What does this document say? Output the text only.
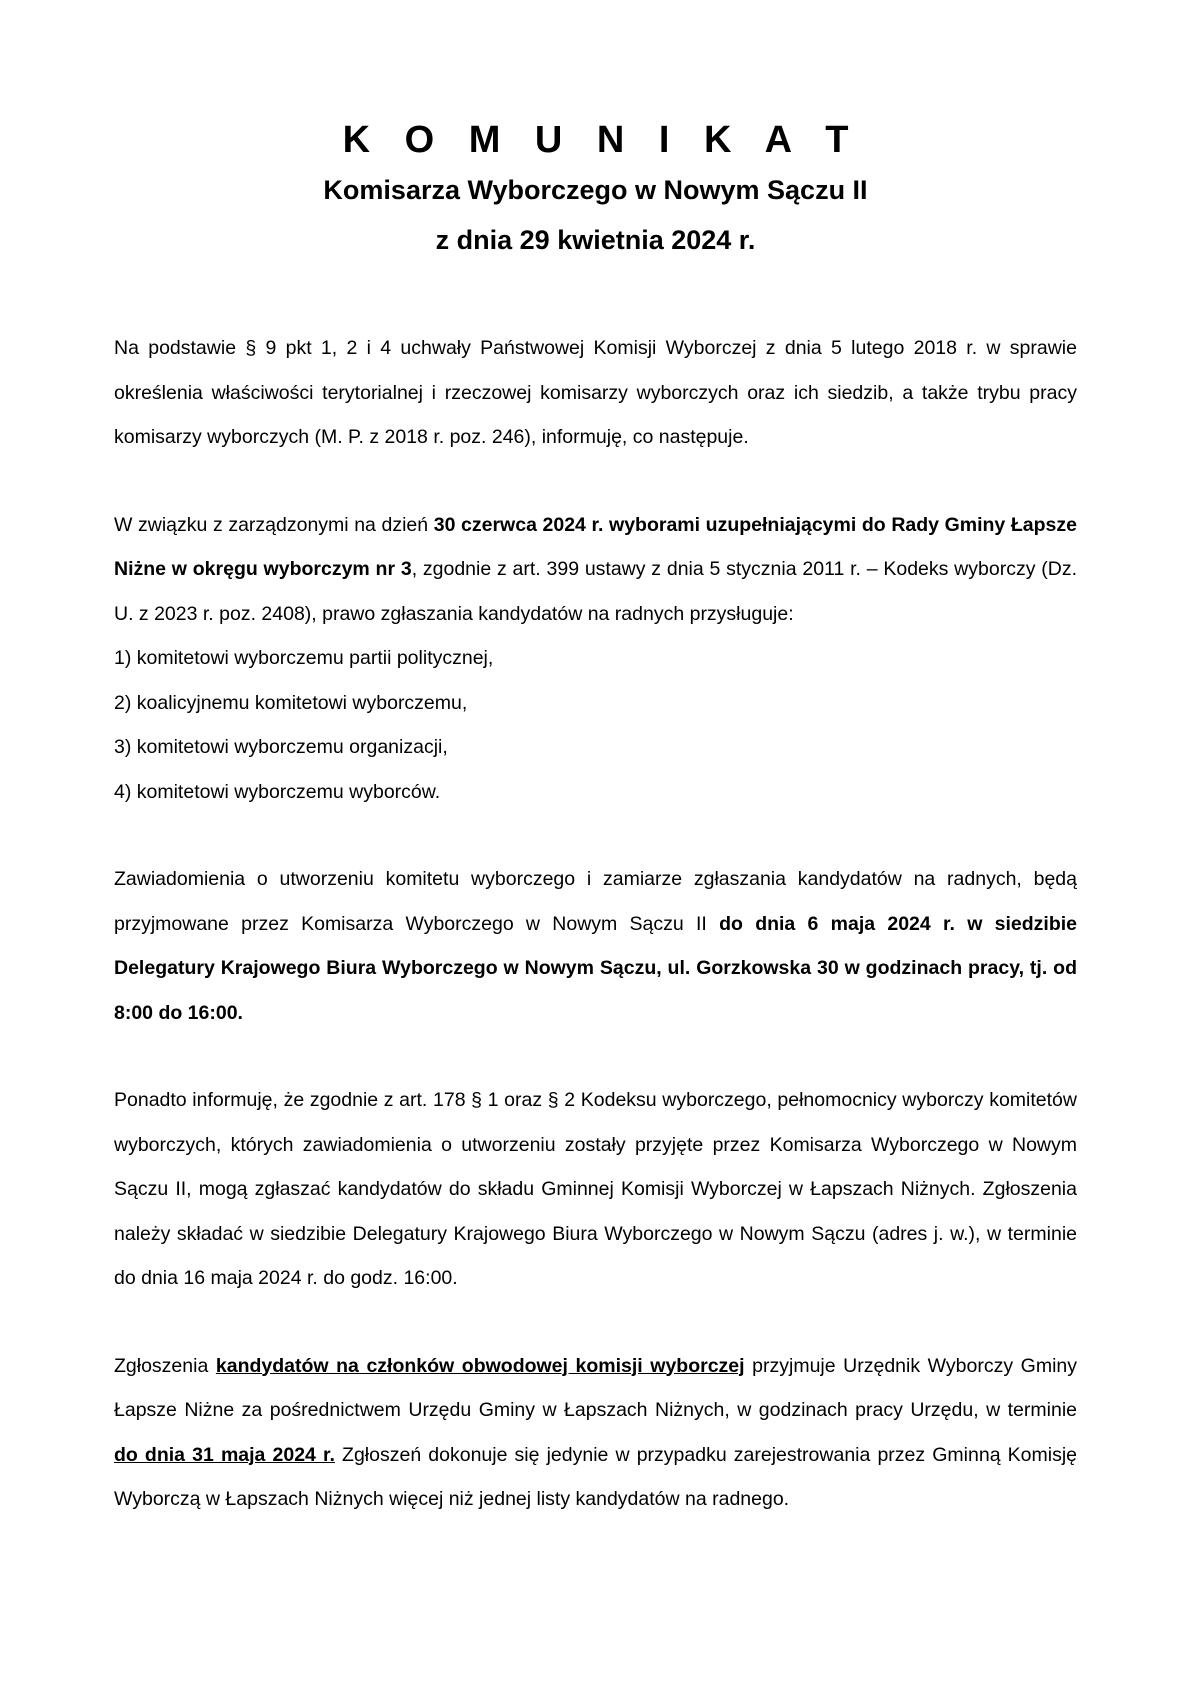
K O M U N I K A T

Komisarza Wyborczego w Nowym Sączu II

z dnia 29 kwietnia 2024 r.

Na podstawie § 9 pkt 1, 2 i 4 uchwały Państwowej Komisji Wyborczej z dnia 5 lutego 2018 r. w sprawie określenia właściwości terytorialnej i rzeczowej komisarzy wyborczych oraz ich siedzib, a także trybu pracy komisarzy wyborczych (M. P. z 2018 r. poz. 246), informuję, co następuje.

W związku z zarządzonymi na dzień 30 czerwca 2024 r. wyborami uzupełniającymi do Rady Gminy Łapsze Niżne w okręgu wyborczym nr 3, zgodnie z art. 399 ustawy z dnia 5 stycznia 2011 r. – Kodeks wyborczy (Dz. U. z 2023 r. poz. 2408), prawo zgłaszania kandydatów na radnych przysługuje:

1) komitetowi wyborczemu partii politycznej,

2) koalicyjnemu komitetowi wyborczemu,

3) komitetowi wyborczemu organizacji,

4) komitetowi wyborczemu wyborców.

Zawiadomienia o utworzeniu komitetu wyborczego i zamiarze zgłaszania kandydatów na radnych, będą przyjmowane przez Komisarza Wyborczego w Nowym Sączu II do dnia 6 maja 2024 r. w siedzibie Delegatury Krajowego Biura Wyborczego w Nowym Sączu, ul. Gorzkowska 30 w godzinach pracy, tj. od 8:00 do 16:00.

Ponadto informuję, że zgodnie z art. 178 § 1 oraz § 2 Kodeksu wyborczego, pełnomocnicy wyborczy komitetów wyborczych, których zawiadomienia o utworzeniu zostały przyjęte przez Komisarza Wyborczego w Nowym Sączu II, mogą zgłaszać kandydatów do składu Gminnej Komisji Wyborczej w Łapszach Niżnych. Zgłoszenia należy składać w siedzibie Delegatury Krajowego Biura Wyborczego w Nowym Sączu (adres j. w.), w terminie do dnia 16 maja 2024 r. do godz. 16:00.

Zgłoszenia kandydatów na członków obwodowej komisji wyborczej przyjmuje Urzędnik Wyborczy Gminy Łapsze Niżne za pośrednictwem Urzędu Gminy w Łapszach Niżnych, w godzinach pracy Urzędu, w terminie do dnia 31 maja 2024 r. Zgłoszeń dokonuje się jedynie w przypadku zarejestrowania przez Gminną Komisję Wyborczą w Łapszach Niżnych więcej niż jednej listy kandydatów na radnego.
